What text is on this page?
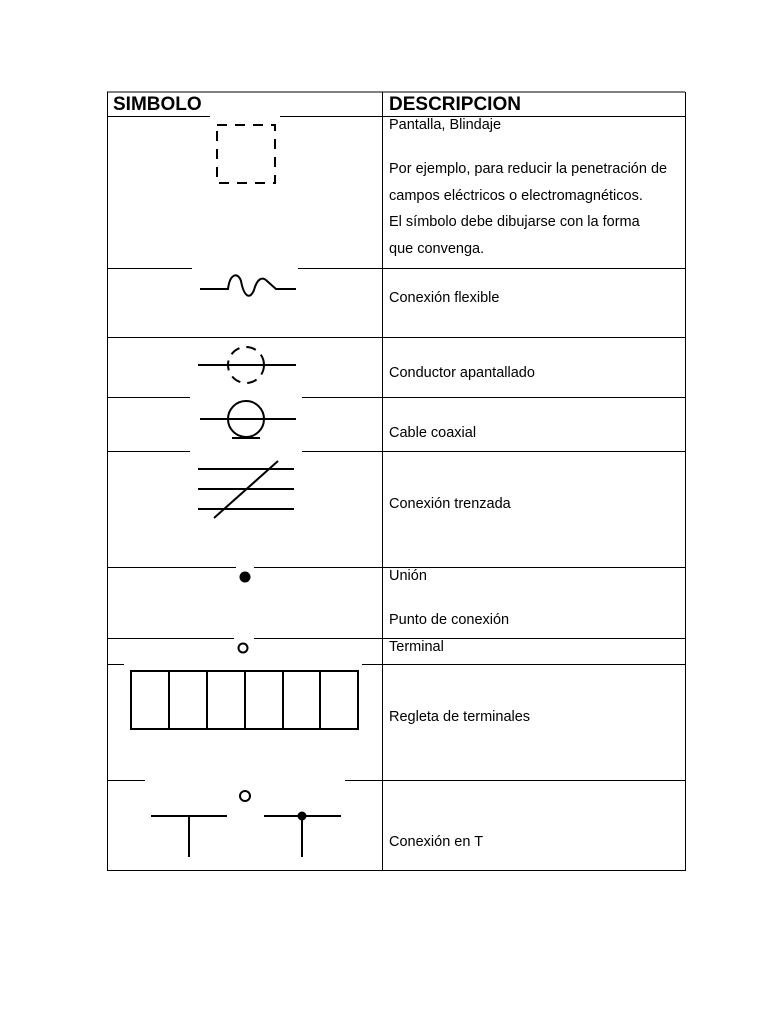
SIMBOLO	DESCRIPCION
Pantalla, Blindaje
Por ejemplo, para reducir la penetración de
campos eléctricos o electromagnéticos.
El símbolo debe dibujarse con la forma
que convenga.
Conexión flexible
Conductor apantallado
Cable coaxial
Conexión trenzada
Unión
Punto de conexión
Terminal
Regleta de terminales
Conexión en T
